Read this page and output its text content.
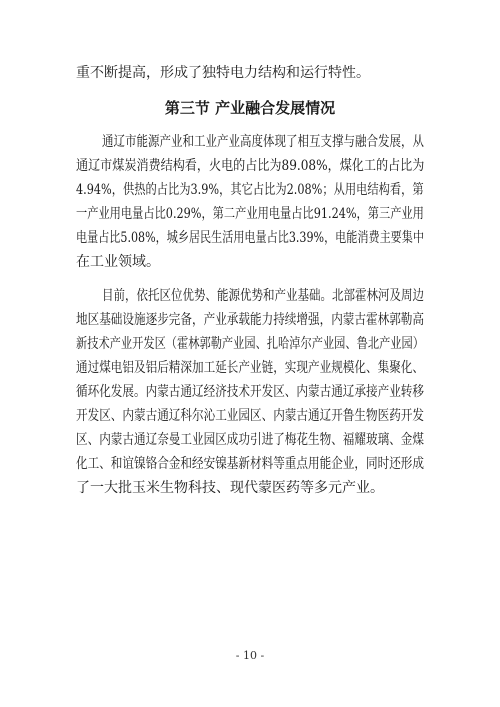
重不断提高，形成了独特电力结构和运行特性。
第三节 产业融合发展情况
通辽市能源产业和工业产业高度体现了相互支撑与融合发展，从
通辽市煤炭消费结构看，火电的占比为89.08%，煤化工的占比为
4.94%，供热的占比为3.9%，其它占比为2.08%；从用电结构看，第
一产业用电量占比0.29%，第二产业用电量占比91.24%，第三产业用
电量占比5.08%，城乡居民生活用电量占比3.39%，电能消费主要集中
在工业领域。
目前，依托区位优势、能源优势和产业基础。北部霍林河及周边
地区基础设施逐步完备，产业承载能力持续增强，内蒙古霍林郭勒高
新技术产业开发区（霍林郭勒产业园、扎哈淖尔产业园、鲁北产业园）
通过煤电铝及铝后精深加工延长产业链，实现产业规模化、集聚化、
循环化发展。内蒙古通辽经济技术开发区、内蒙古通辽承接产业转移
开发区、内蒙古通辽科尔沁工业园区、内蒙古通辽开鲁生物医药开发
区、内蒙古通辽奈曼工业园区成功引进了梅花生物、福耀玻璃、金煤
化工、和谊镍铬合金和经安镍基新材料等重点用能企业，同时还形成
了一大批玉米生物科技、现代蒙医药等多元产业。
- 10 -
